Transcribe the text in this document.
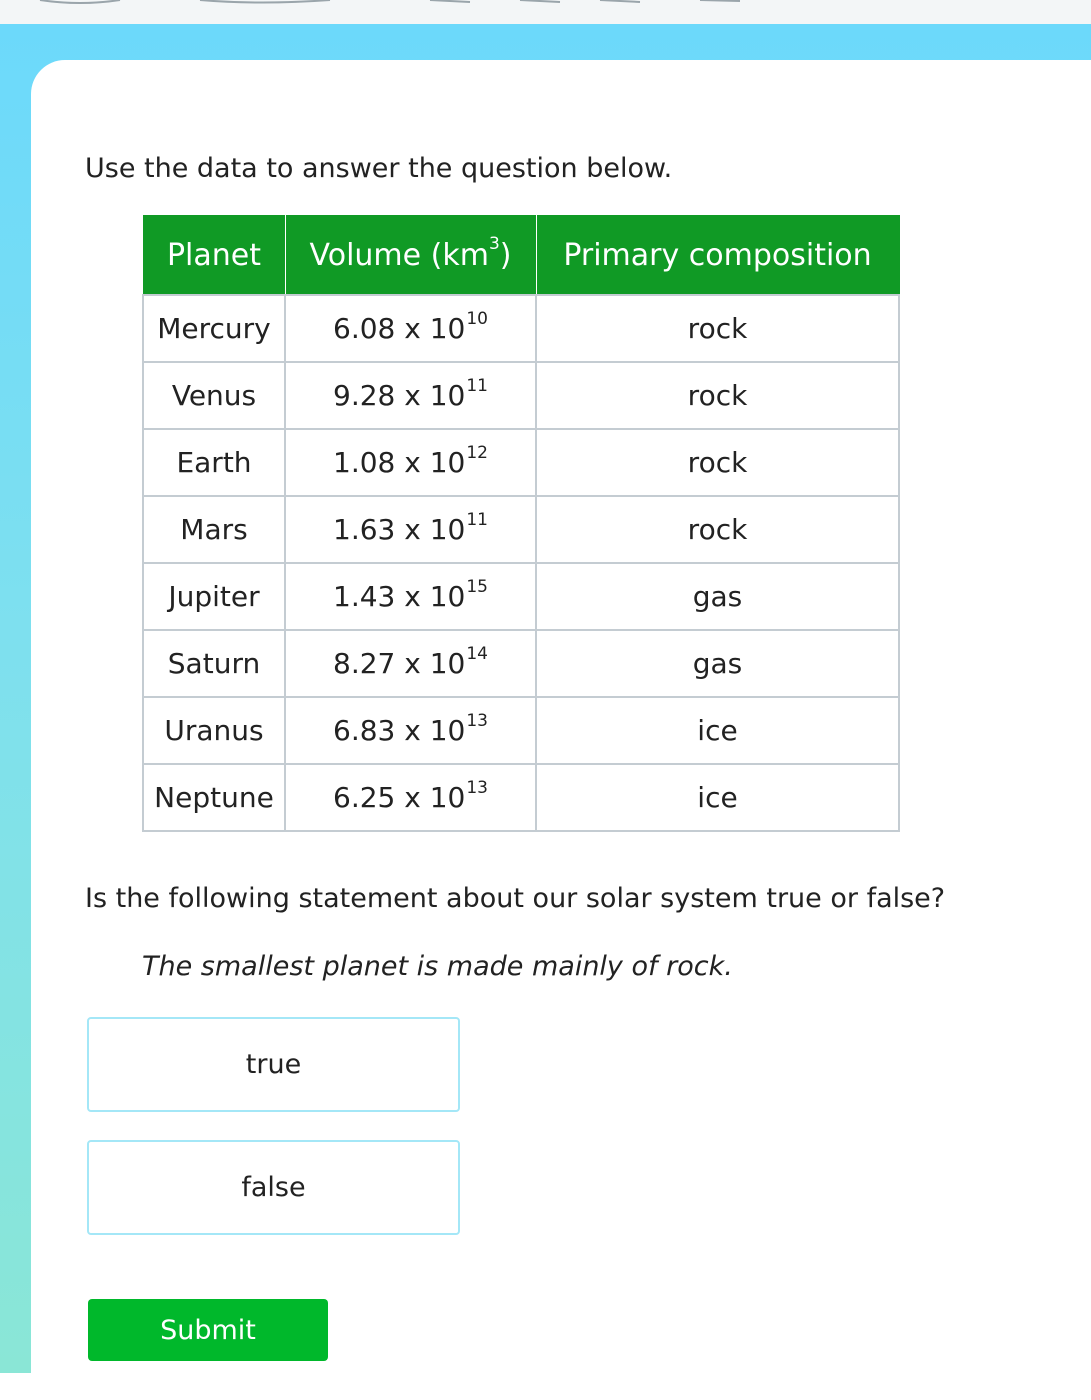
Use the data to answer the question below.
Planet	Volume $(km^3)$	Primary composition
Mercury	6.08 x $10^{10}$	rock
Venus	9.28 x $10^{11}$	rock
Earth	1.08 x $10^{12}$	rock
Mars	1.63 x $10^{11}$	rock
Jupiter	1.43 x $10^{15}$	gas
Saturn	8.27 x $10^{14}$	gas
Uranus	6.83 x $10^{13}$	ice
Neptune	6.25 x $10^{13}$	ice
Is the following statement about our solar system true or false?
The smallest planet is made mainly of rock.
true
false
Submit
